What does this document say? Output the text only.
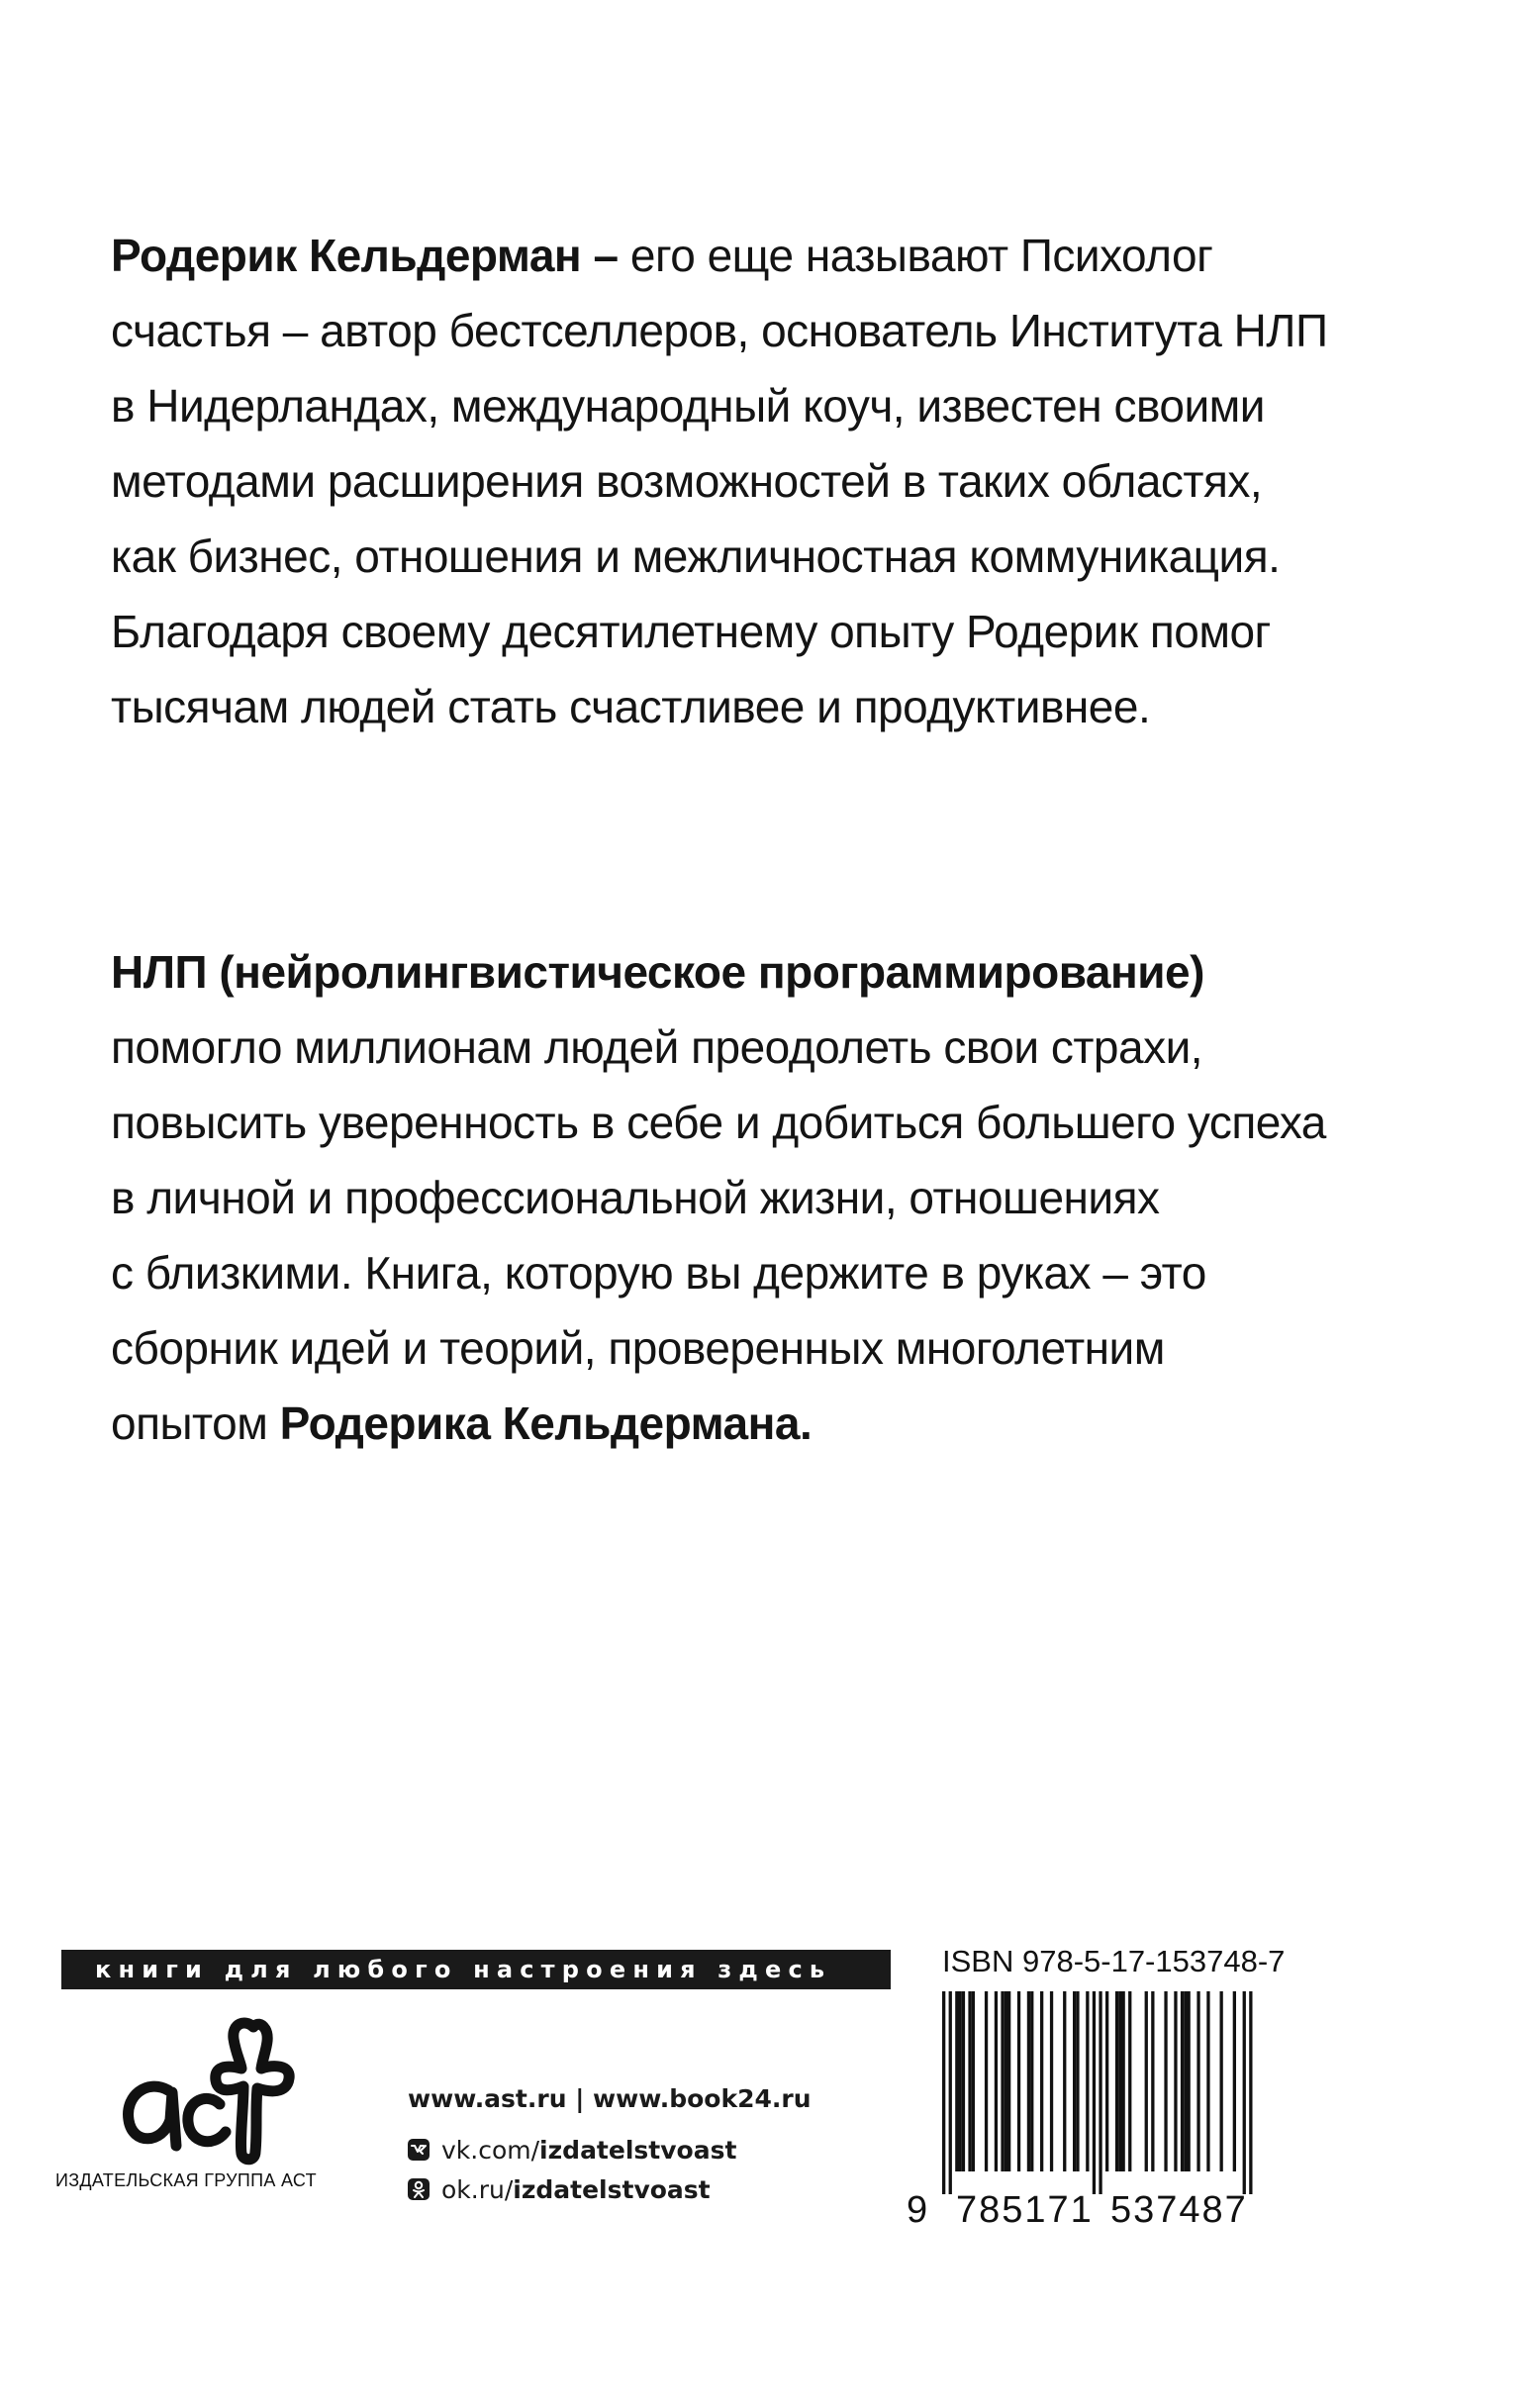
Родерик Кельдерман – его еще называют Психолог
счастья – автор бестселлеров, основатель Института НЛП
в Нидерландах, международный коуч, известен своими
методами расширения возможностей в таких областях,
как бизнес, отношения и межличностная коммуникация.
Благодаря своему десятилетнему опыту Родерик помог
тысячам людей стать счастливее и продуктивнее.
НЛП (нейролингвистическое программирование)
помогло миллионам людей преодолеть свои страхи,
повысить уверенность в себе и добиться большего успеха
в личной и профессиональной жизни, отношениях
с близкими. Книга, которую вы держите в руках – это
сборник идей и теорий, проверенных многолетним
опытом Родерика Кельдермана.
книги для любого настроения здесь
аст
ИЗДАТЕЛЬСКАЯ ГРУППА АСТ
www.ast.ru | www.book24.ru
vk.com/ izdatelstvoast
ok.ru/ izdatelstvoast
ISBN 978-5-17-153748-7
9 785171 537487
